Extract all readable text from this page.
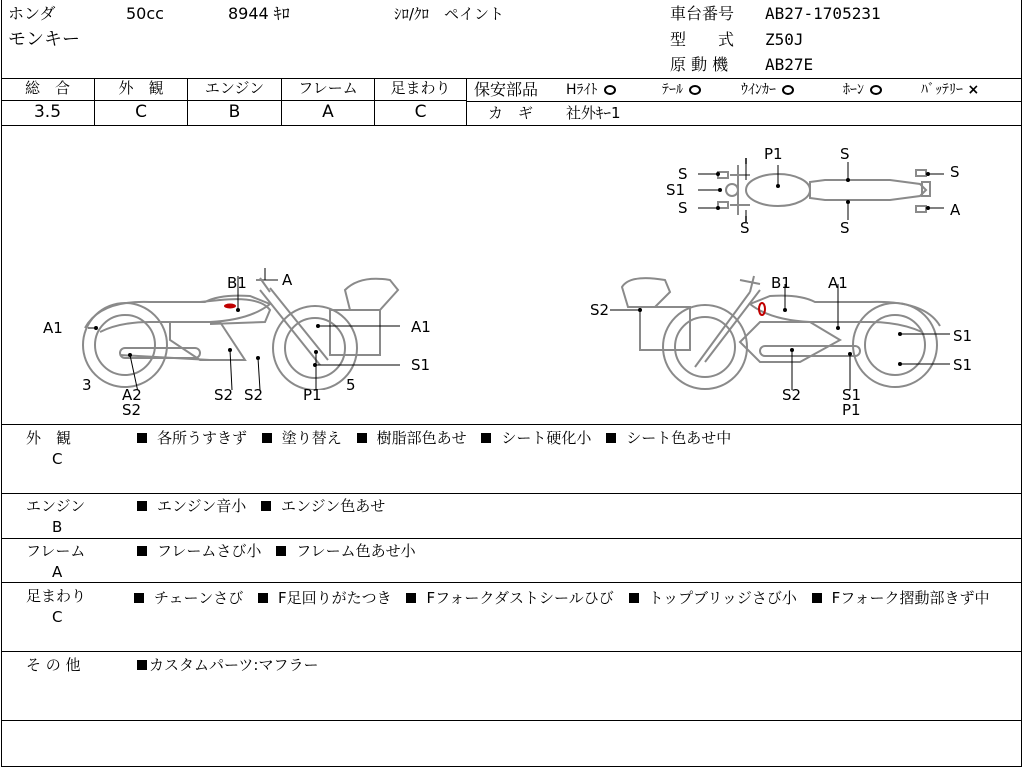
ホンダ	50cc	8944 ｷﾛ	ｼﾛ/ｸﾛ　ペイント
モンキー
車台番号 AB27-1705231
型　　式 Z50J
原 動 機 AB27E
総　合	外　観	エンジン	フレーム	足まわり
3.5	C	B	A	C
保安部品 Hﾗｲﾄ	ﾃｰﾙ	ｳｲﾝｶｰ	ﾎｰﾝ	ﾊﾞｯﾃﾘｰ ×
カ　ギ 社外ｷｰ1
S
S1
S
P1
S
S
S
S
A
B1 A
A1	A1
S1
3
A2
S2
S2 S2	P1
5
B1 A1
S2
S1
S1
S2	S1
P1
外　観
C
各所うすきず 塗り替え 樹脂部色あせ シート硬化小 シート色あせ中
エンジン
B
エンジン音小 エンジン色あせ
フレーム
A
フレームさび小 フレーム色あせ小
足まわり
C
チェーンさび F足回りがたつき Fフォークダストシールひび トップブリッジさび小 Fフォーク摺動部きず中
そ の 他	カスタムパーツ:マフラー
